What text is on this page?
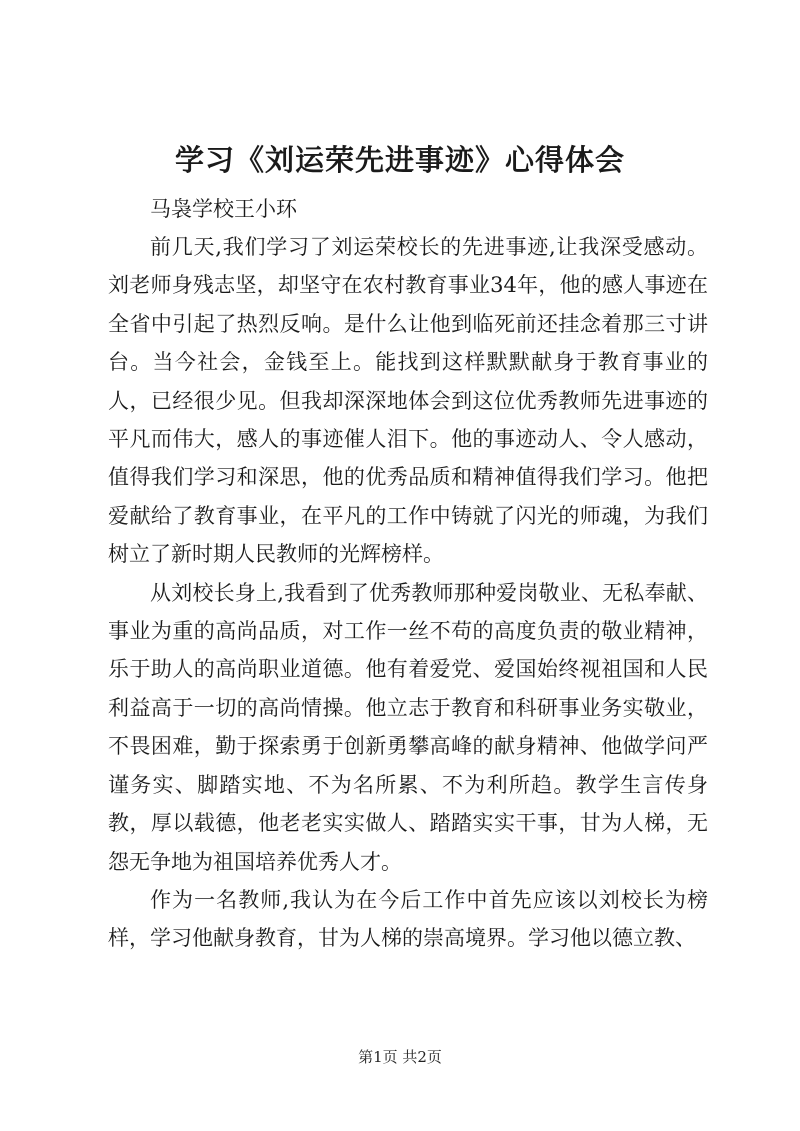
学习《刘运荣先进事迹》心得体会
马袅学校王小环

前几天,我们学习了刘运荣校长的先进事迹,让我深受感动。刘老师身残志坚，却坚守在农村教育事业34年，他的感人事迹在全省中引起了热烈反响。是什么让他到临死前还挂念着那三寸讲台。当今社会，金钱至上。能找到这样默默献身于教育事业的人，已经很少见。但我却深深地体会到这位优秀教师先进事迹的平凡而伟大，感人的事迹催人泪下。他的事迹动人、令人感动，值得我们学习和深思，他的优秀品质和精神值得我们学习。他把爱献给了教育事业，在平凡的工作中铸就了闪光的师魂，为我们树立了新时期人民教师的光辉榜样。

从刘校长身上,我看到了优秀教师那种爱岗敬业、无私奉献、事业为重的高尚品质，对工作一丝不苟的高度负责的敬业精神，乐于助人的高尚职业道德。他有着爱党、爱国始终视祖国和人民利益高于一切的高尚情操。他立志于教育和科研事业务实敬业，不畏困难，勤于探索勇于创新勇攀高峰的献身精神、他做学问严谨务实、脚踏实地、不为名所累、不为利所趋。教学生言传身教，厚以载德，他老老实实做人、踏踏实实干事，甘为人梯，无怨无争地为祖国培养优秀人才。

作为一名教师,我认为在今后工作中首先应该以刘校长为榜样，学习他献身教育，甘为人梯的崇高境界。学习他以德立教、

第1页 共2页
